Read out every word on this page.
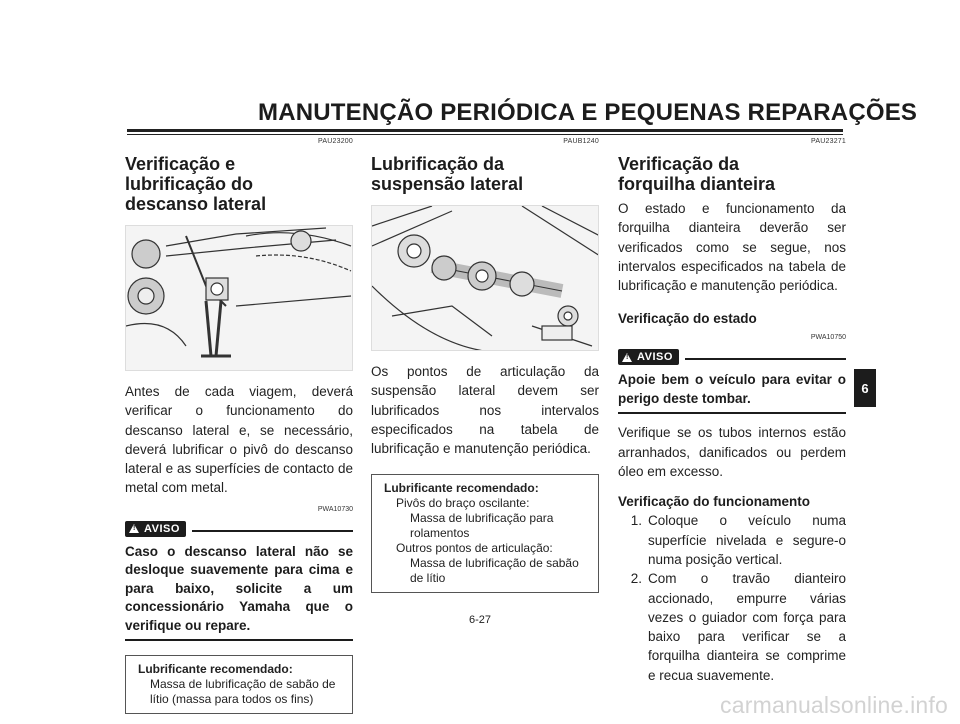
MANUTENÇÃO PERIÓDICA E PEQUENAS REPARAÇÕES
PAU23200
Verificação e lubrificação do descanso lateral
Antes de cada viagem, deverá verificar o funcionamento do descanso lateral e, se necessário, deverá lubrificar o pivô do descanso lateral e as superfícies de contacto de metal com metal.
PWA10730
! AVISO
Caso o descanso lateral não se desloque suavemente para cima e para baixo, solicite a um concessionário Yamaha que o verifique ou repare.
Lubrificante recomendado:
Massa de lubrificação de sabão de lítio (massa para todos os fins)
PAUB1240
Lubrificação da suspensão lateral
Os pontos de articulação da suspensão lateral devem ser lubrificados nos intervalos especificados na tabela de lubrificação e manutenção periódica.
Lubrificante recomendado:
Pivôs do braço oscilante:
Massa de lubrificação para rolamentos
Outros pontos de articulação:
Massa de lubrificação de sabão de lítio
PAU23271
Verificação da forquilha dianteira
O estado e funcionamento da forquilha dianteira deverão ser verificados como se segue, nos intervalos especificados na tabela de lubrificação e manutenção periódica.
Verificação do estado
PWA10750
! AVISO
Apoie bem o veículo para evitar o perigo deste tombar.
Verifique se os tubos internos estão arranhados, danificados ou perdem óleo em excesso.
Verificação do funcionamento
1. Coloque o veículo numa superfície nivelada e segure-o numa posição vertical.
2. Com o travão dianteiro accionado, empurre várias vezes o guiador com força para baixo para verificar se a forquilha dianteira se comprime e recua suavemente.
6
6-27
carmanualsonline.info
